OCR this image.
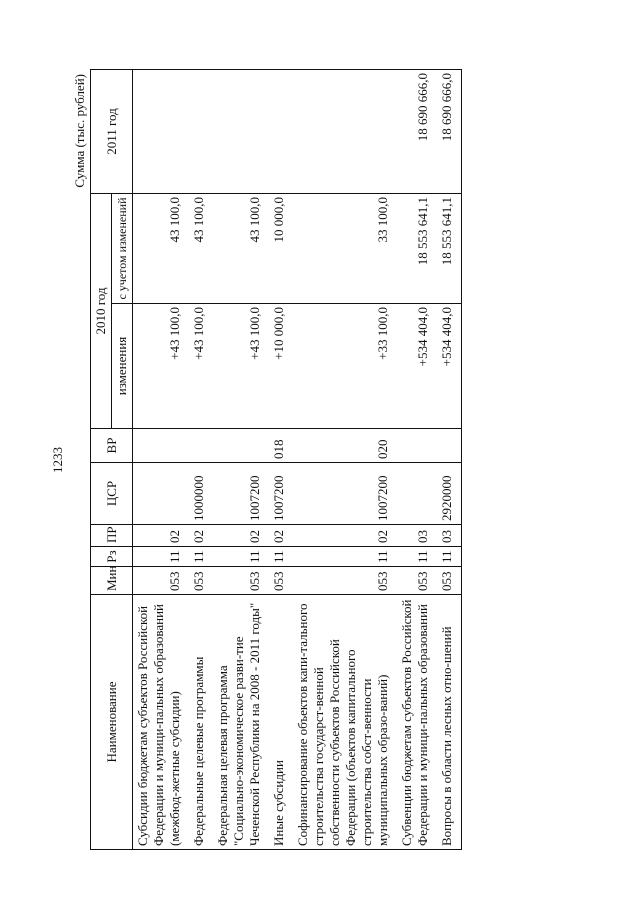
1233
Сумма (тыс. рублей)
Наименование	Мин	Рз	ПР	ЦСР	ВР	2010 год		2011 год
						изменения	с учетом изменений	
Субсидии бюджетам субъектов Российской Федерации и муници-пальных образований (межбюд-жетные субсидии)	053	11	02			+43 100,0	43 100,0	
Федеральные целевые программы	053	11	02	1000000		+43 100,0	43 100,0	
Федеральная целевая программа "Социально-экономическое разви-тие Чеченской Республики на 2008 - 2011 годы"	053	11	02	1007200		+43 100,0	43 100,0	
Иные субсидии	053	11	02	1007200	018	+10 000,0	10 000,0	
Софинансирование объектов капи-тального строительства государст-венной собственности субъектов Российской Федерации (объектов капитального строительства собст-венности муниципальных образо-ваний)	053	11	02	1007200	020	+33 100,0	33 100,0	
Субвенции бюджетам субъектов Российской Федерации и муници-пальных образований	053	11	03			+534 404,0	18 553 641,1	18 690 666,0
Вопросы в области лесных отно-шений	053	11	03	2920000		+534 404,0	18 553 641,1	18 690 666,0
